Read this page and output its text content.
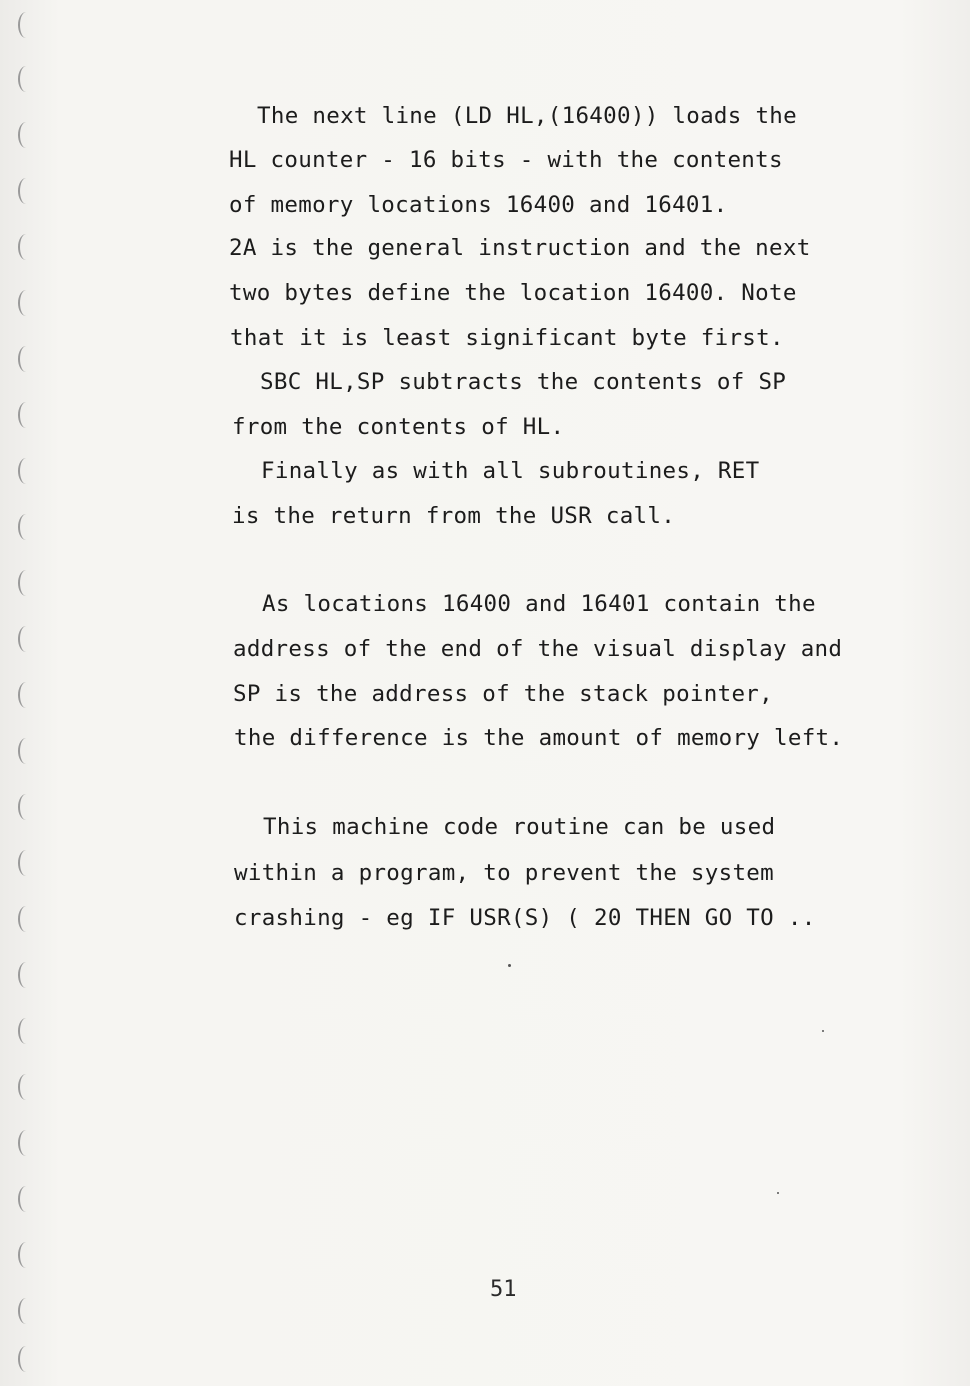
The next line (LD HL,(16400)) loads the
HL counter - 16 bits - with the contents
of memory locations 16400 and 16401.
2A is the general instruction and the next
two bytes define the location 16400. Note
that it is least significant byte first.
SBC HL,SP subtracts the contents of SP
from the contents of HL.
Finally as with all subroutines, RET
is the return from the USR call.
As locations 16400 and 16401 contain the
address of the end of the visual display and
SP is the address of the stack pointer,
the difference is the amount of memory left.
This machine code routine can be used
within a program, to prevent the system
crashing - eg IF USR(S) ( 20 THEN GO TO ..
51
